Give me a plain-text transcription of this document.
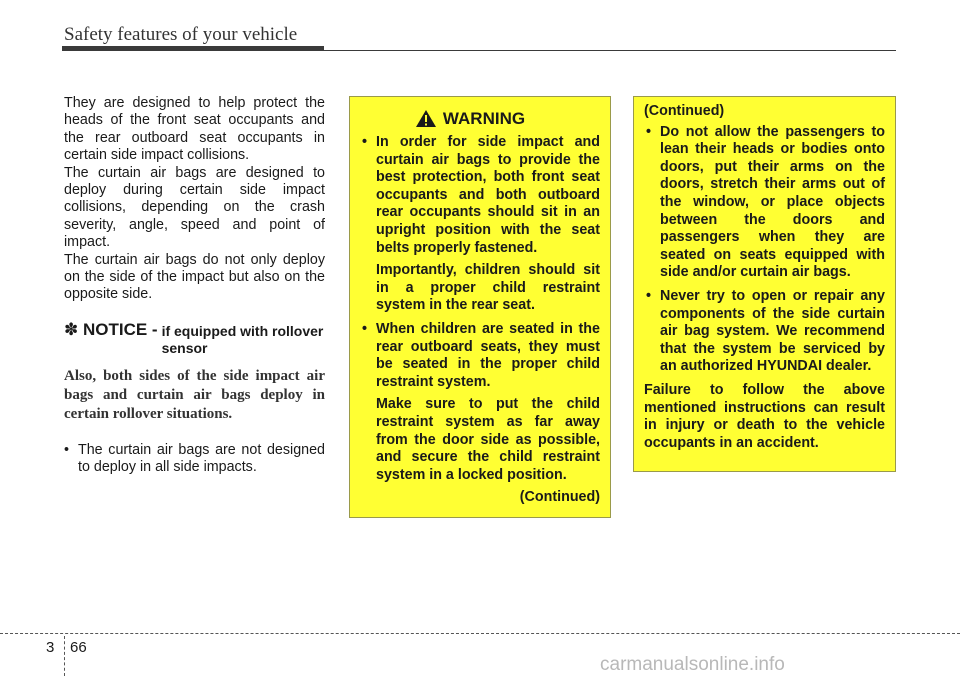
Safety features of your vehicle

They are designed to help protect the heads of the front seat occupants and the rear outboard seat occupants in certain side impact collisions.

The curtain air bags are designed to deploy during certain side impact collisions, depending on the crash severity, angle, speed and point of impact.

The curtain air bags do not only deploy on the side of the impact but also on the opposite side.

✽ NOTICE - if equipped with rollover sensor

Also, both sides of the side impact air bags and curtain air bags deploy in certain rollover situations.

• The curtain air bags are not designed to deploy in all side impacts.
WARNING
• In order for side impact and curtain air bags to provide the best protection, both front seat occupants and both outboard rear occupants should sit in an upright position with the seat belts properly fastened.
Importantly, children should sit in a proper child restraint system in the rear seat.
• When children are seated in the rear outboard seats, they must be seated in the proper child restraint system.
Make sure to put the child restraint system as far away from the door side as possible, and secure the child restraint system in a locked position.
(Continued)
(Continued)
• Do not allow the passengers to lean their heads or bodies onto doors, put their arms on the doors, stretch their arms out of the window, or place objects between the doors and passengers when they are seated on seats equipped with side and/or curtain air bags.
• Never try to open or repair any components of the side curtain air bag system. We recommend that the system be serviced by an authorized HYUNDAI dealer.
Failure to follow the above mentioned instructions can result in injury or death to the vehicle occupants in an accident.
3 66
carmanualsonline.info
